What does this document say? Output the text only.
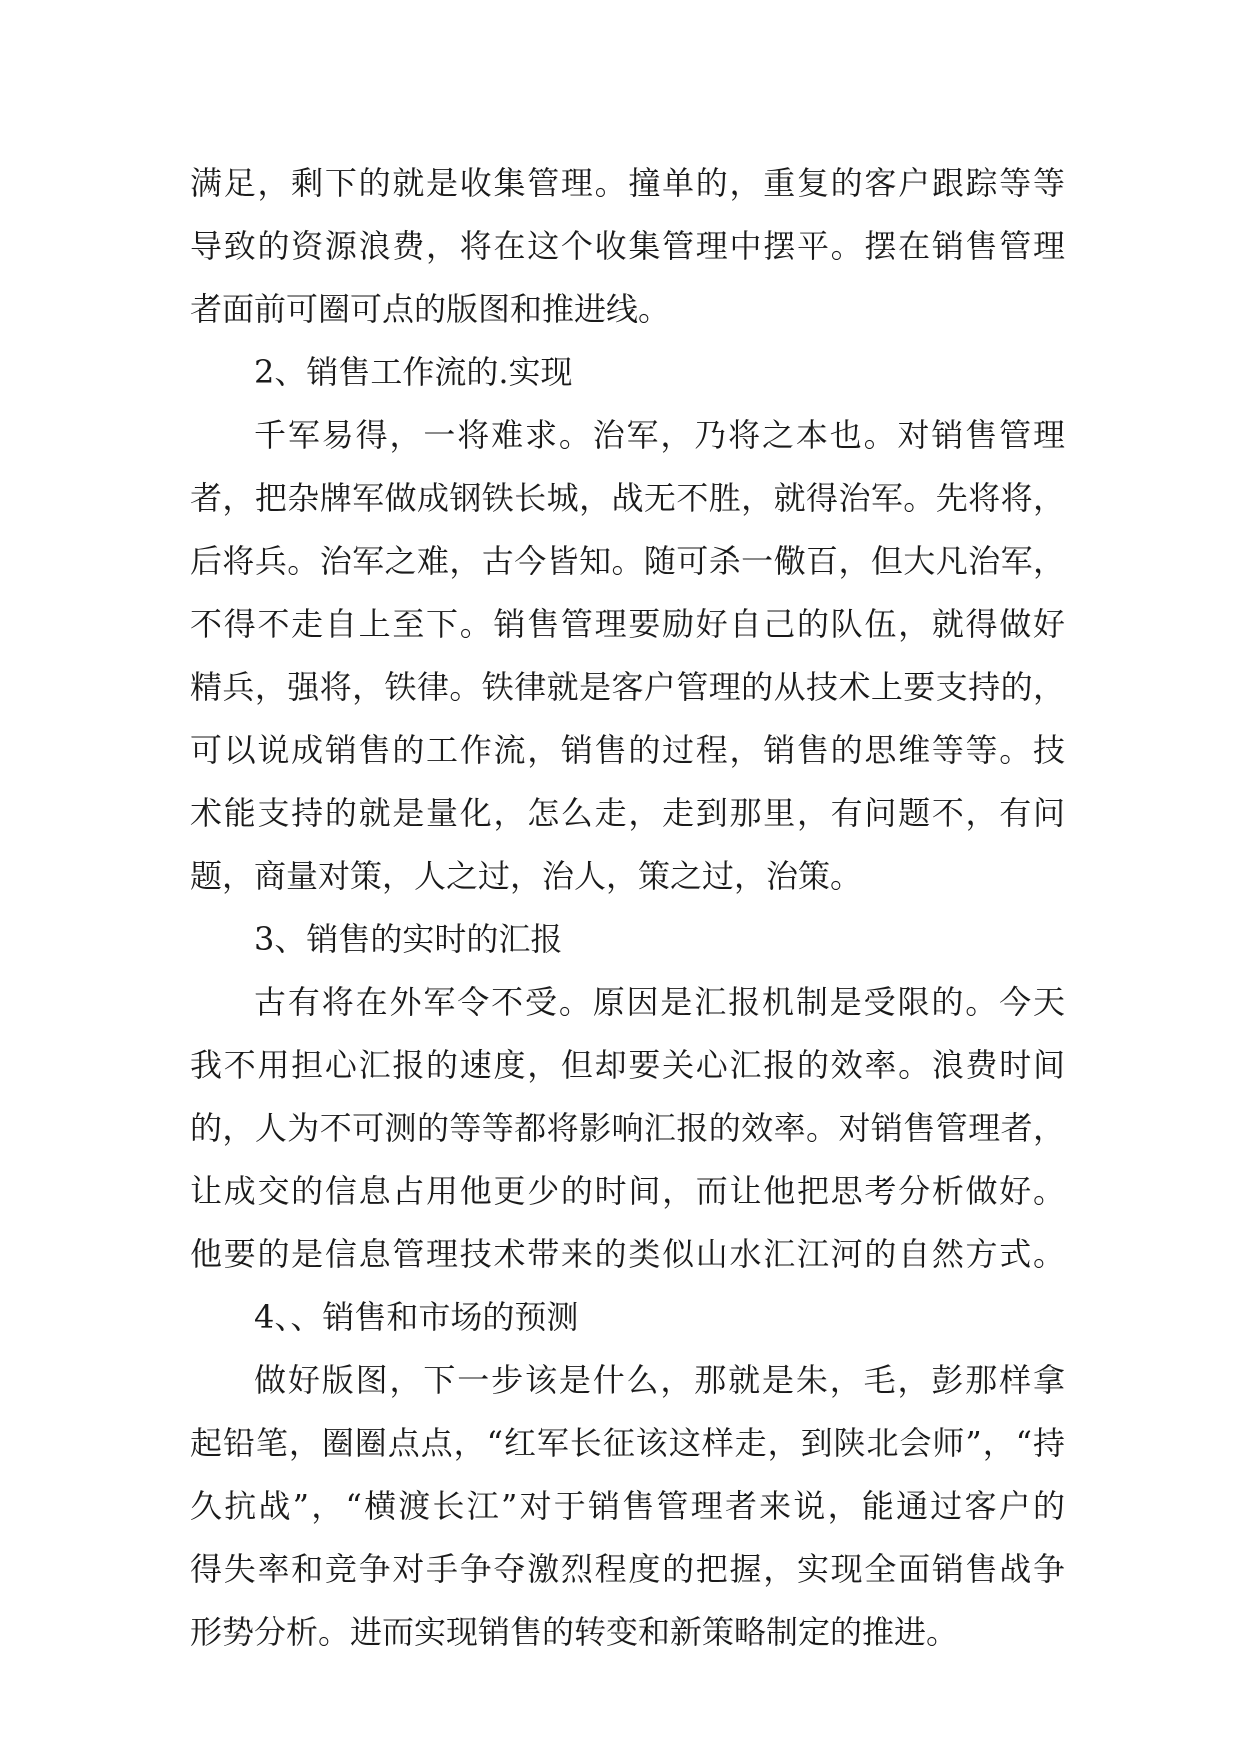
满足，剩下的就是收集管理。撞单的，重复的客户跟踪等等

导致的资源浪费，将在这个收集管理中摆平。摆在销售管理

者面前可圈可点的版图和推进线。

2、销售工作流的.实现

千军易得，一将难求。治军，乃将之本也。对销售管理

者，把杂牌军做成钢铁长城，战无不胜，就得治军。先将将，

后将兵。治军之难，古今皆知。随可杀一儆百，但大凡治军，

不得不走自上至下。销售管理要励好自己的队伍，就得做好

精兵，强将，铁律。铁律就是客户管理的从技术上要支持的，

可以说成销售的工作流，销售的过程，销售的思维等等。技

术能支持的就是量化，怎么走，走到那里，有问题不，有问

题，商量对策，人之过，治人，策之过，治策。

3、销售的实时的汇报

古有将在外军令不受。原因是汇报机制是受限的。今天

我不用担心汇报的速度，但却要关心汇报的效率。浪费时间

的，人为不可测的等等都将影响汇报的效率。对销售管理者，

让成交的信息占用他更少的时间，而让他把思考分析做好。

他要的是信息管理技术带来的类似山水汇江河的自然方式。

4、、销售和市场的预测

做好版图，下一步该是什么，那就是朱，毛，彭那样拿

起铅笔，圈圈点点，“红军长征该这样走，到陕北会师”，“持

久抗战”，“横渡长江”对于销售管理者来说，能通过客户的

得失率和竞争对手争夺激烈程度的把握，实现全面销售战争

形势分析。进而实现销售的转变和新策略制定的推进。
